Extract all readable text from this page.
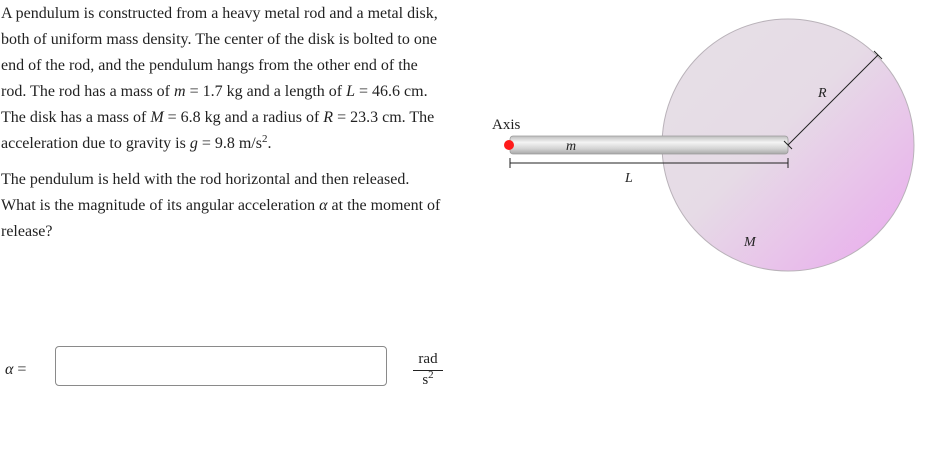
A pendulum is constructed from a heavy metal rod and a metal disk, both of uniform mass density. The center of the disk is bolted to one end of the rod, and the pendulum hangs from the other end of the rod. The rod has a mass of m = 1.7 kg and a length of L = 46.6 cm. The disk has a mass of M = 6.8 kg and a radius of R = 23.3 cm. The acceleration due to gravity is g = 9.8 $m/s^2$.

The pendulum is held with the rod horizontal and then released. What is the magnitude of its angular acceleration α at the moment of release?

α =
rad
$s^2$
R
L
Axis
m
M
